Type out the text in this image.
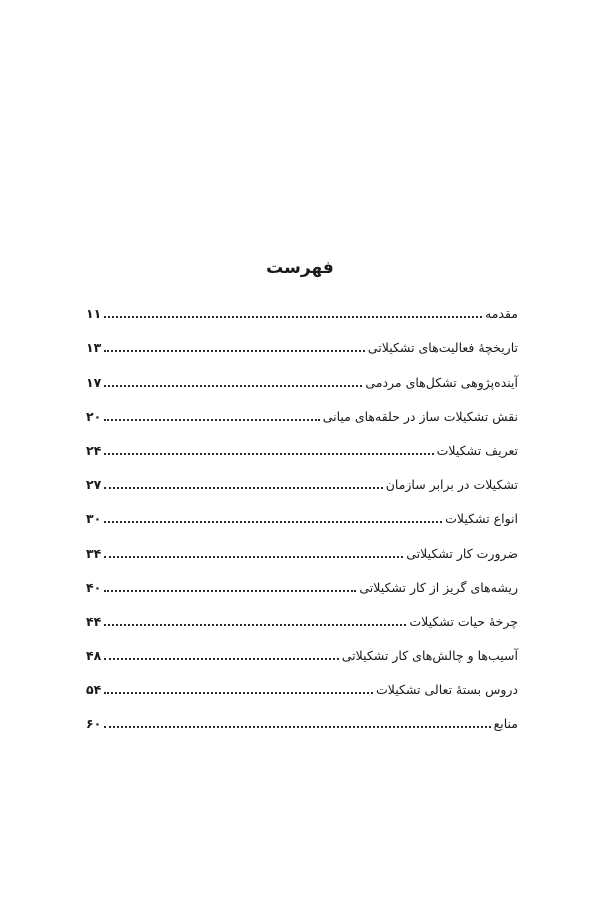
فهرست
مقدمه
۱۱
تاریخچهٔ فعالیت‌های تشکیلاتی
۱۳
آینده‌پژوهی تشکل‌های مردمی
۱۷
نقش تشکیلات ساز در حلقه‌های میانی
۲۰
تعریف تشکیلات
۲۴
تشکیلات در برابر سازمان
۲۷
انواع تشکیلات
۳۰
ضرورت کار تشکیلاتی
۳۴
ریشه‌های گریز از کار تشکیلاتی
۴۰
چرخهٔ حیات تشکیلات
۴۴
آسیب‌ها و چالش‌های کار تشکیلاتی
۴۸
دروس بستهٔ تعالی تشکیلات
۵۴
منابع
۶۰
